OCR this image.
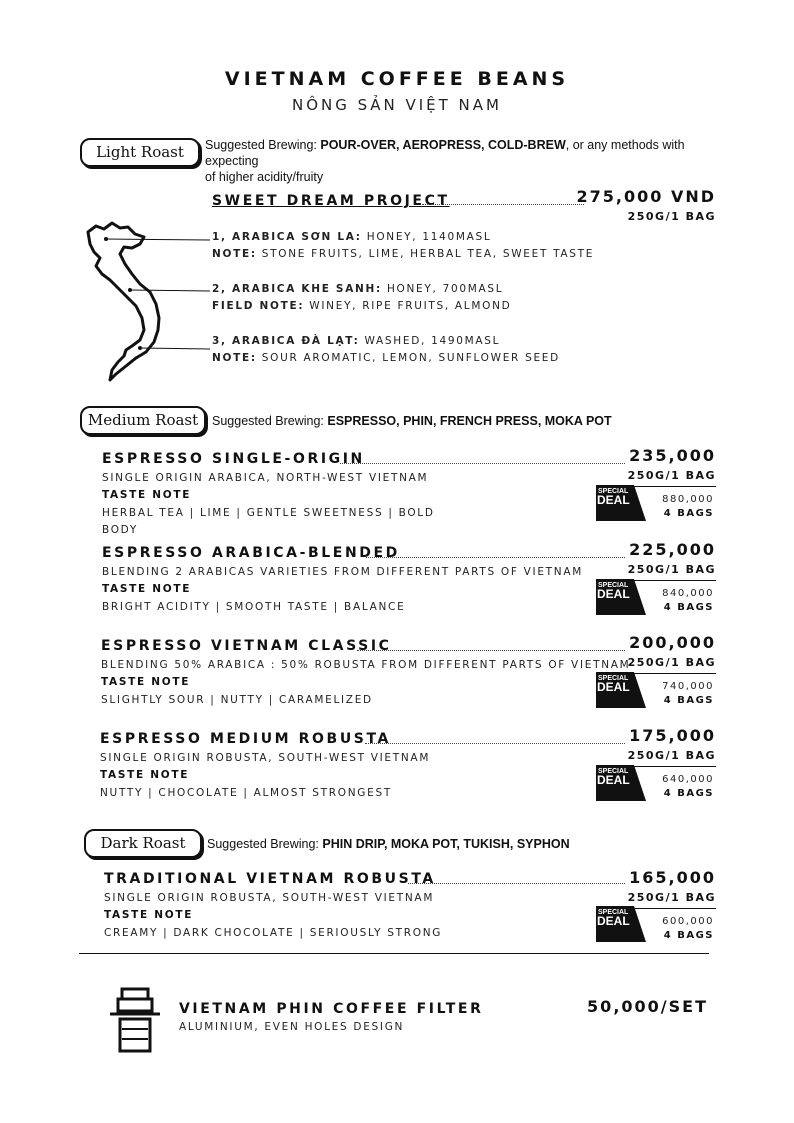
VIETNAM COFFEE BEANS
NÔNG SẢN VIỆT NAM
Light Roast	Suggested Brewing: POUR-OVER, AEROPRESS, COLD-BREW, or any methods with expecting
of higher acidity/fruity
SWEET DREAM PROJECT	275,000 VND
250G/1 BAG
1, ARABICA SƠN LA: HONEY, 1140MASL
NOTE: STONE FRUITS, LIME, HERBAL TEA, SWEET TASTE
2, ARABICA KHE SANH: HONEY, 700MASL
FIELD NOTE: WINEY, RIPE FRUITS, ALMOND
3, ARABICA ĐÀ LẠT: WASHED, 1490MASL
NOTE: SOUR AROMATIC, LEMON, SUNFLOWER SEED
Medium Roast	Suggested Brewing: ESPRESSO, PHIN, FRENCH PRESS, MOKA POT
ESPRESSO SINGLE-ORIGIN	235,000
250G/1 BAG
SINGLE ORIGIN ARABICA, NORTH-WEST VIETNAM
TASTE NOTE
HERBAL TEA | LIME | GENTLE SWEETNESS | BOLD
BODY
SPECIAL
DEAL	880,000
4 BAGS
ESPRESSO ARABICA-BLENDED	225,000
250G/1 BAG
BLENDING 2 ARABICAS VARIETIES FROM DIFFERENT PARTS OF VIETNAM
TASTE NOTE
BRIGHT ACIDITY | SMOOTH TASTE | BALANCE
SPECIAL
DEAL	840,000
4 BAGS
ESPRESSO VIETNAM CLASSIC	200,000
250G/1 BAG
BLENDING 50% ARABICA : 50% ROBUSTA FROM DIFFERENT PARTS OF VIETNAM
TASTE NOTE
SLIGHTLY SOUR | NUTTY | CARAMELIZED
SPECIAL
DEAL	740,000
4 BAGS
ESPRESSO MEDIUM ROBUSTA	175,000
250G/1 BAG
SINGLE ORIGIN ROBUSTA, SOUTH-WEST VIETNAM
TASTE NOTE
NUTTY | CHOCOLATE | ALMOST STRONGEST
SPECIAL
DEAL	640,000
4 BAGS
Dark Roast	Suggested Brewing: PHIN DRIP, MOKA POT, TUKISH, SYPHON
TRADITIONAL VIETNAM ROBUSTA	165,000
250G/1 BAG
SINGLE ORIGIN ROBUSTA, SOUTH-WEST VIETNAM
TASTE NOTE
CREAMY | DARK CHOCOLATE | SERIOUSLY STRONG
SPECIAL
DEAL	600,000
4 BAGS
VIETNAM PHIN COFFEE FILTER
ALUMINIUM, EVEN HOLES DESIGN
50,000/SET
